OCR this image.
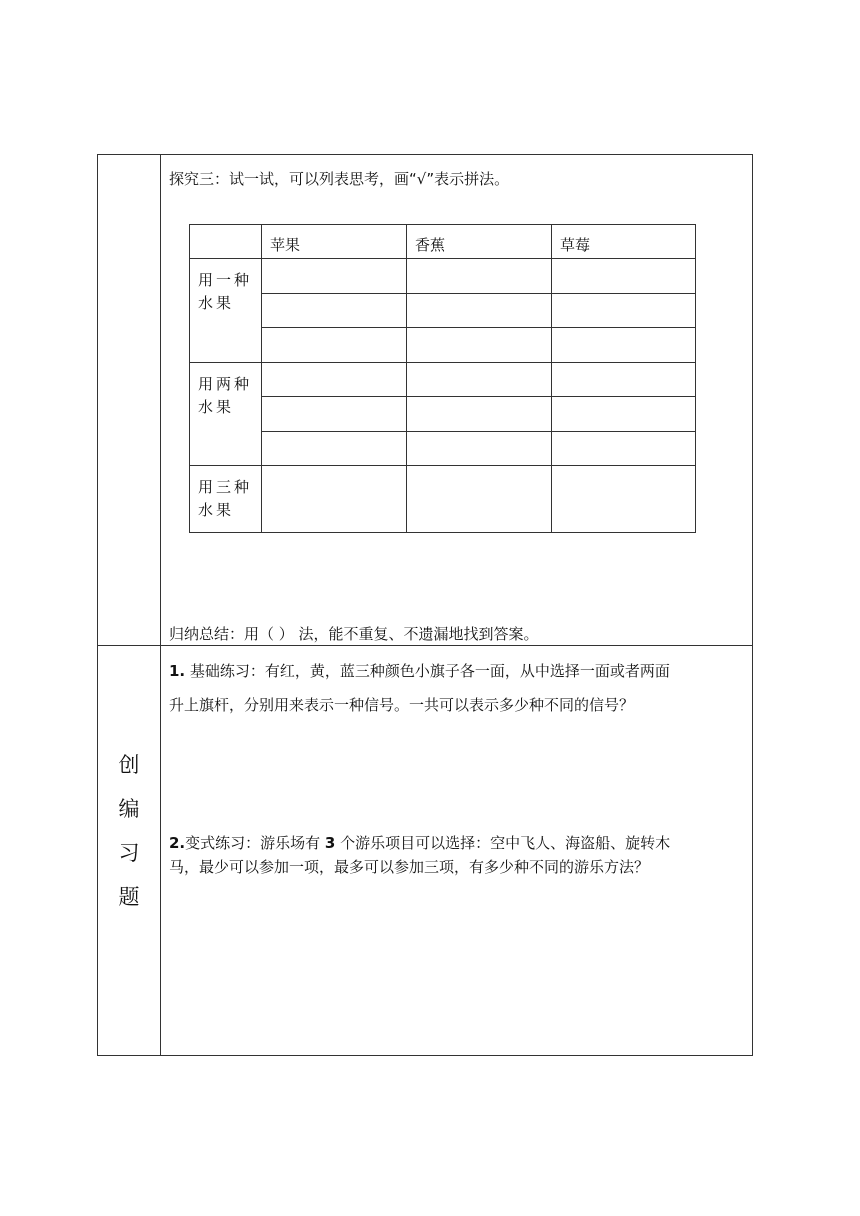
探究三：试一试，可以列表思考，画“√”表示拼法。
苹果	香蕉	草莓
用一种
水果
用两种
水果
用三种
水果
归纳总结：用（ ） 法，能不重复、不遗漏地找到答案。
创
编
习
题
1. 基础练习：有红，黄，蓝三种颜色小旗子各一面，从中选择一面或者两面
升上旗杆，分别用来表示一种信号。一共可以表示多少种不同的信号？
2.变式练习：游乐场有 3 个游乐项目可以选择：空中飞人、海盗船、旋转木
马，最少可以参加一项，最多可以参加三项，有多少种不同的游乐方法？
